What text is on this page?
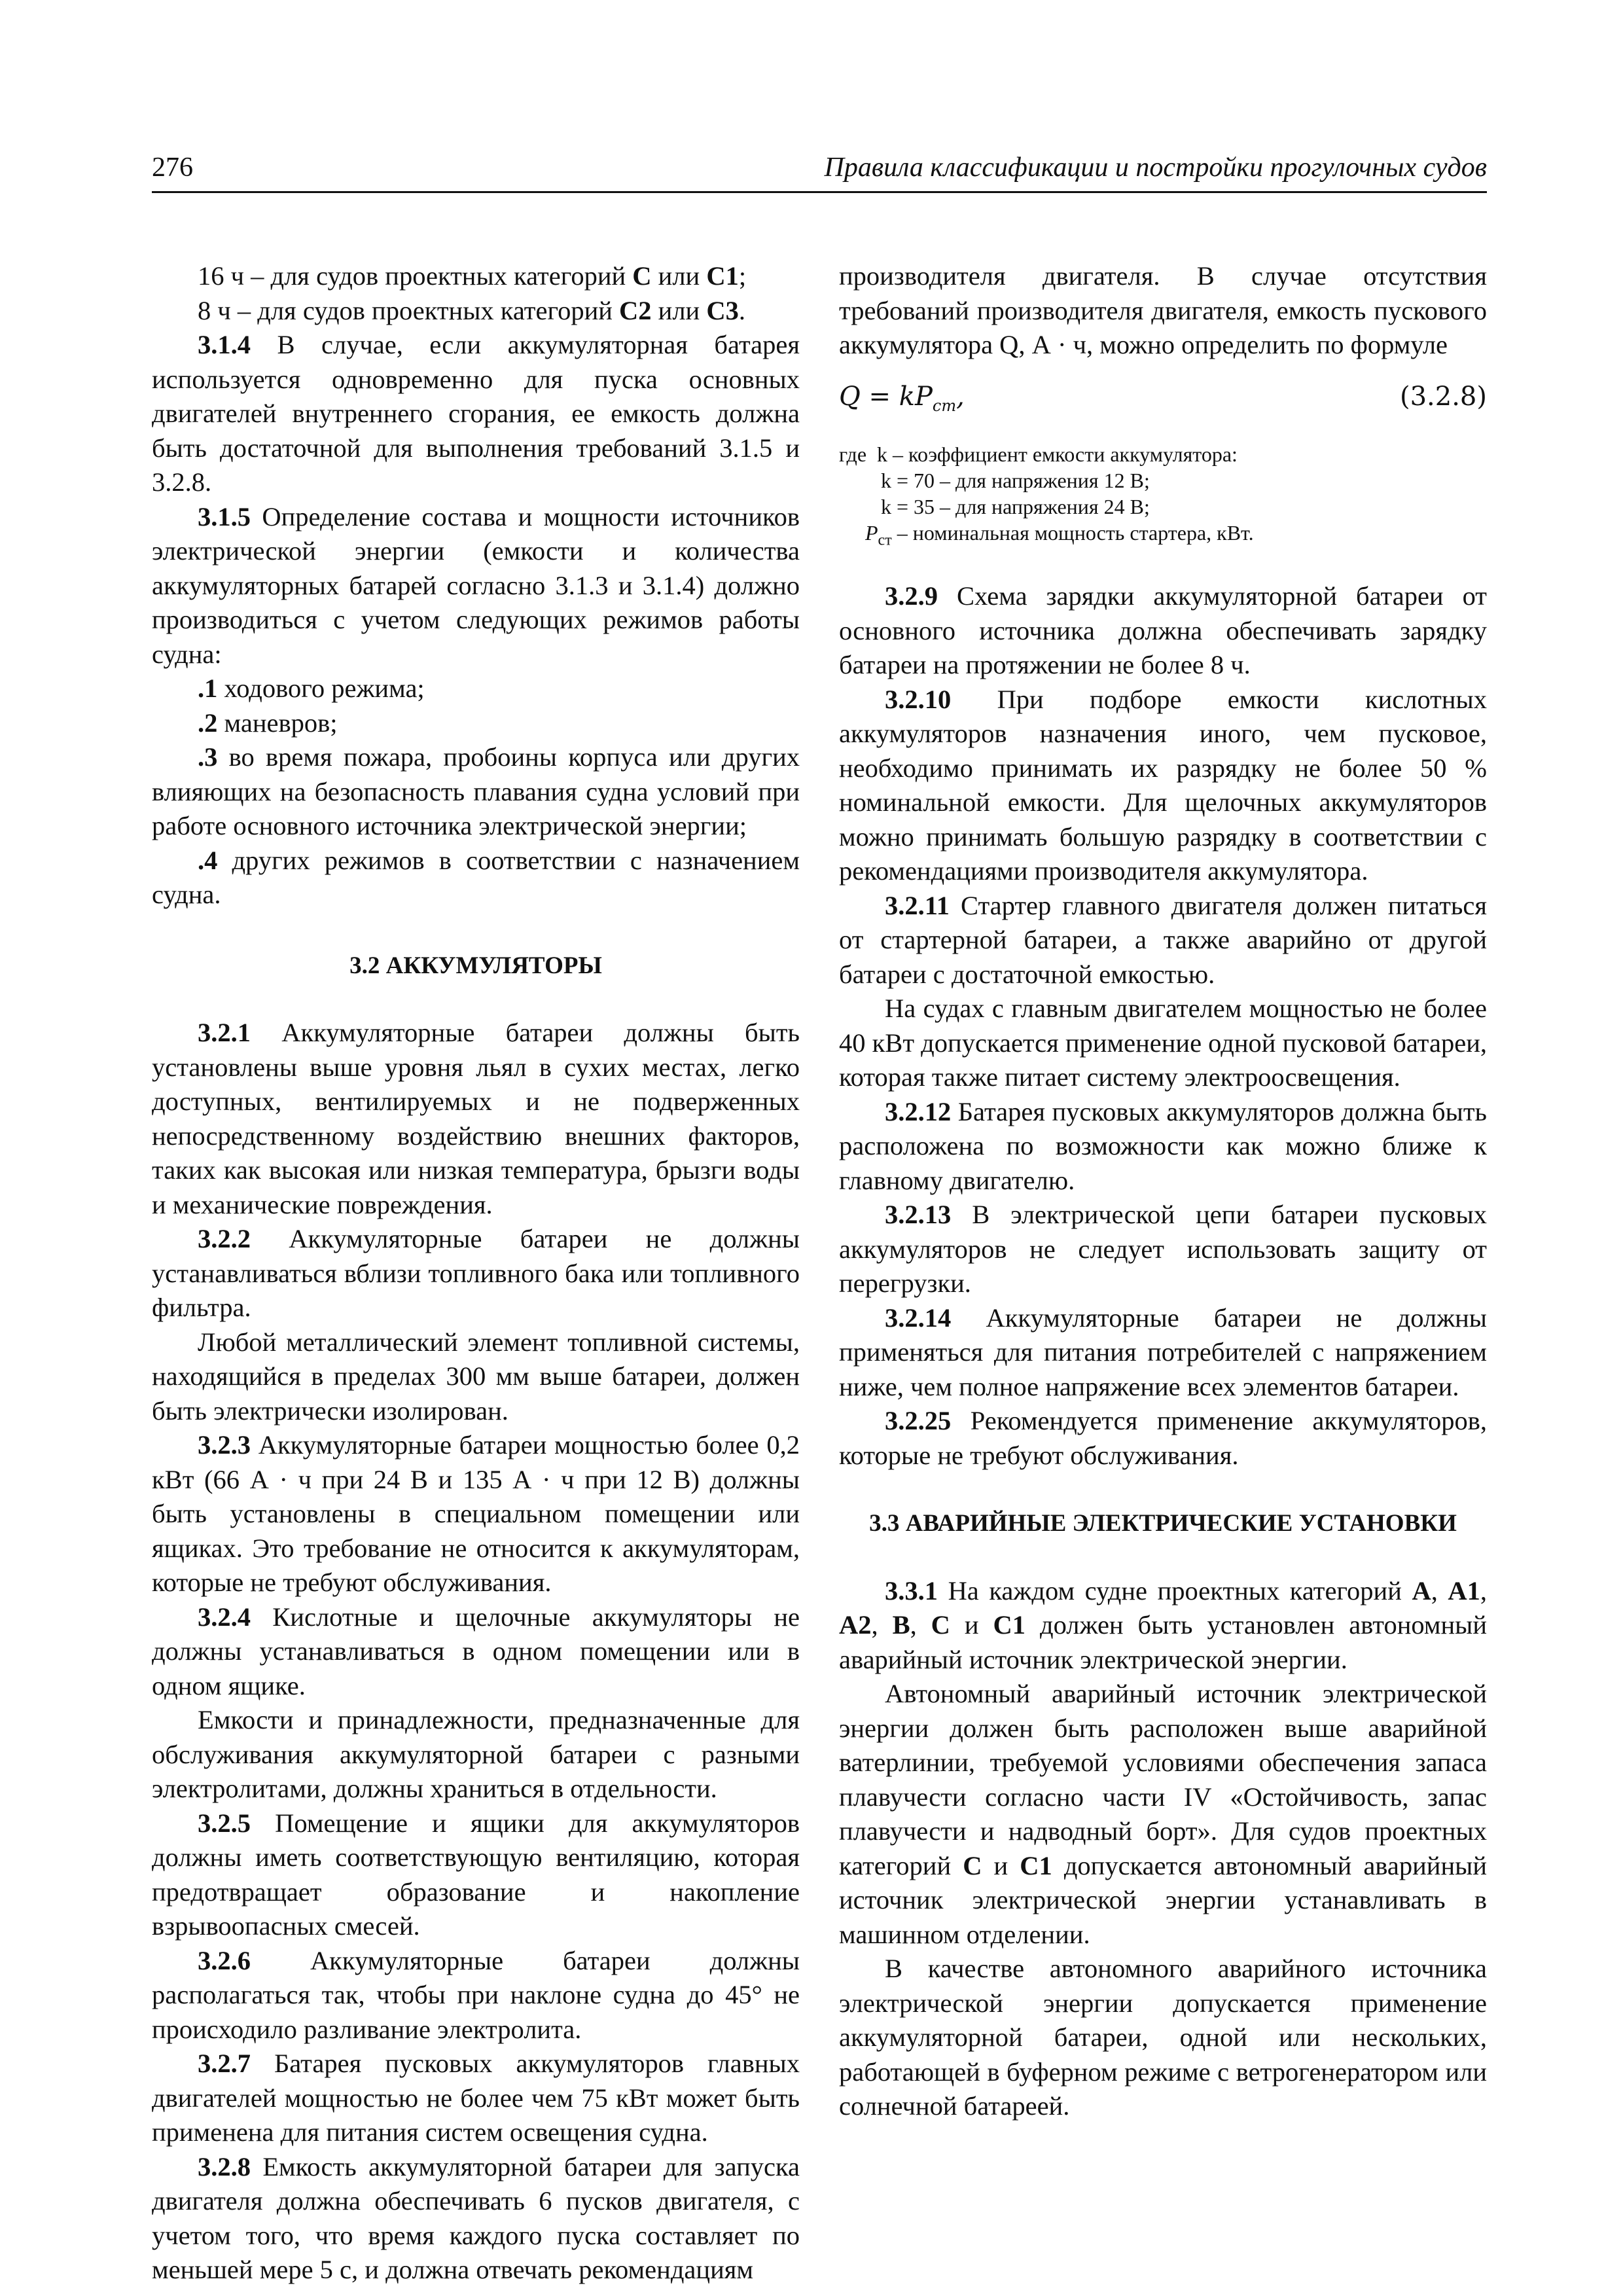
276	Правила классификации и постройки прогулочных судов

16 ч – для судов проектных категорий C или C1;

8 ч – для судов проектных категорий C2 или C3.

3.1.4 В случае, если аккумуляторная батарея используется одновременно для пуска основных двигателей внутреннего сгорания, ее емкость должна быть достаточной для выполнения требований 3.1.5 и 3.2.8.

3.1.5 Определение состава и мощности источников электрической энергии (емкости и количества аккумуляторных батарей согласно 3.1.3 и 3.1.4) должно производиться с учетом следующих режимов работы судна:

.1 ходового режима;

.2 маневров;

.3 во время пожара, пробоины корпуса или других влияющих на безопасность плавания судна условий при работе основного источника электрической энергии;

.4 других режимов в соответствии с назначением судна.

3.2 АККУМУЛЯТОРЫ

3.2.1 Аккумуляторные батареи должны быть установлены выше уровня льял в сухих местах, легко доступных, вентилируемых и не подверженных непосредственному воздействию внешних факторов, таких как высокая или низкая температура, брызги воды и механические повреждения.

3.2.2 Аккумуляторные батареи не должны устанавливаться вблизи топливного бака или топливного фильтра.

Любой металлический элемент топливной системы, находящийся в пределах 300 мм выше батареи, должен быть электрически изолирован.

3.2.3 Аккумуляторные батареи мощностью более 0,2 кВт (66 А · ч при 24 В и 135 А · ч при 12 В) должны быть установлены в специальном помещении или ящиках. Это требование не относится к аккумуляторам, которые не требуют обслуживания.

3.2.4 Кислотные и щелочные аккумуляторы не должны устанавливаться в одном помещении или в одном ящике.

Емкости и принадлежности, предназначенные для обслуживания аккумуляторной батареи с разными электролитами, должны храниться в отдельности.

3.2.5 Помещение и ящики для аккумуляторов должны иметь соответствующую вентиляцию, которая предотвращает образование и накопление взрывоопасных смесей.

3.2.6 Аккумуляторные батареи должны располагаться так, чтобы при наклоне судна до 45° не происходило разливание электролита.

3.2.7 Батарея пусковых аккумуляторов главных двигателей мощностью не более чем 75 кВт может быть применена для питания систем освещения судна.

3.2.8 Емкость аккумуляторной батареи для запуска двигателя должна обеспечивать 6 пусков двигателя, с учетом того, что время каждого пуска составляет по меньшей мере 5 с, и должна отвечать рекомендациям

производителя двигателя. В случае отсутствия требований производителя двигателя, емкость пускового аккумулятора Q, А · ч, можно определить по формуле

$Q = kP_{ст}$,	(3.2.8)
где k – коэффициент емкости аккумулятора:
k = 70 – для напряжения 12 В;
k = 35 – для напряжения 24 В;
$P_{ст}$ – номинальная мощность стартера, кВт.

3.2.9 Схема зарядки аккумуляторной батареи от основного источника должна обеспечивать зарядку батареи на протяжении не более 8 ч.

3.2.10 При подборе емкости кислотных аккумуляторов назначения иного, чем пусковое, необходимо принимать их разрядку не более 50 % номинальной емкости. Для щелочных аккумуляторов можно принимать большую разрядку в соответствии с рекомендациями производителя аккумулятора.

3.2.11 Стартер главного двигателя должен питаться от стартерной батареи, а также аварийно от другой батареи с достаточной емкостью.

На судах с главным двигателем мощностью не более 40 кВт допускается применение одной пусковой батареи, которая также питает систему электроосвещения.

3.2.12 Батарея пусковых аккумуляторов должна быть расположена по возможности как можно ближе к главному двигателю.

3.2.13 В электрической цепи батареи пусковых аккумуляторов не следует использовать защиту от перегрузки.

3.2.14 Аккумуляторные батареи не должны применяться для питания потребителей с напряжением ниже, чем полное напряжение всех элементов батареи.

3.2.25 Рекомендуется применение аккумуляторов, которые не требуют обслуживания.

3.3 АВАРИЙНЫЕ ЭЛЕКТРИЧЕСКИЕ УСТАНОВКИ

3.3.1 На каждом судне проектных категорий A, A1, A2, B, C и C1 должен быть установлен автономный аварийный источник электрической энергии.

Автономный аварийный источник электрической энергии должен быть расположен выше аварийной ватерлинии, требуемой условиями обеспечения запаса плавучести согласно части IV «Остойчивость, запас плавучести и надводный борт». Для судов проектных категорий C и C1 допускается автономный аварийный источник электрической энергии устанавливать в машинном отделении.

В качестве автономного аварийного источника электрической энергии допускается применение аккумуляторной батареи, одной или нескольких, работающей в буферном режиме с ветрогенератором или солнечной батареей.
